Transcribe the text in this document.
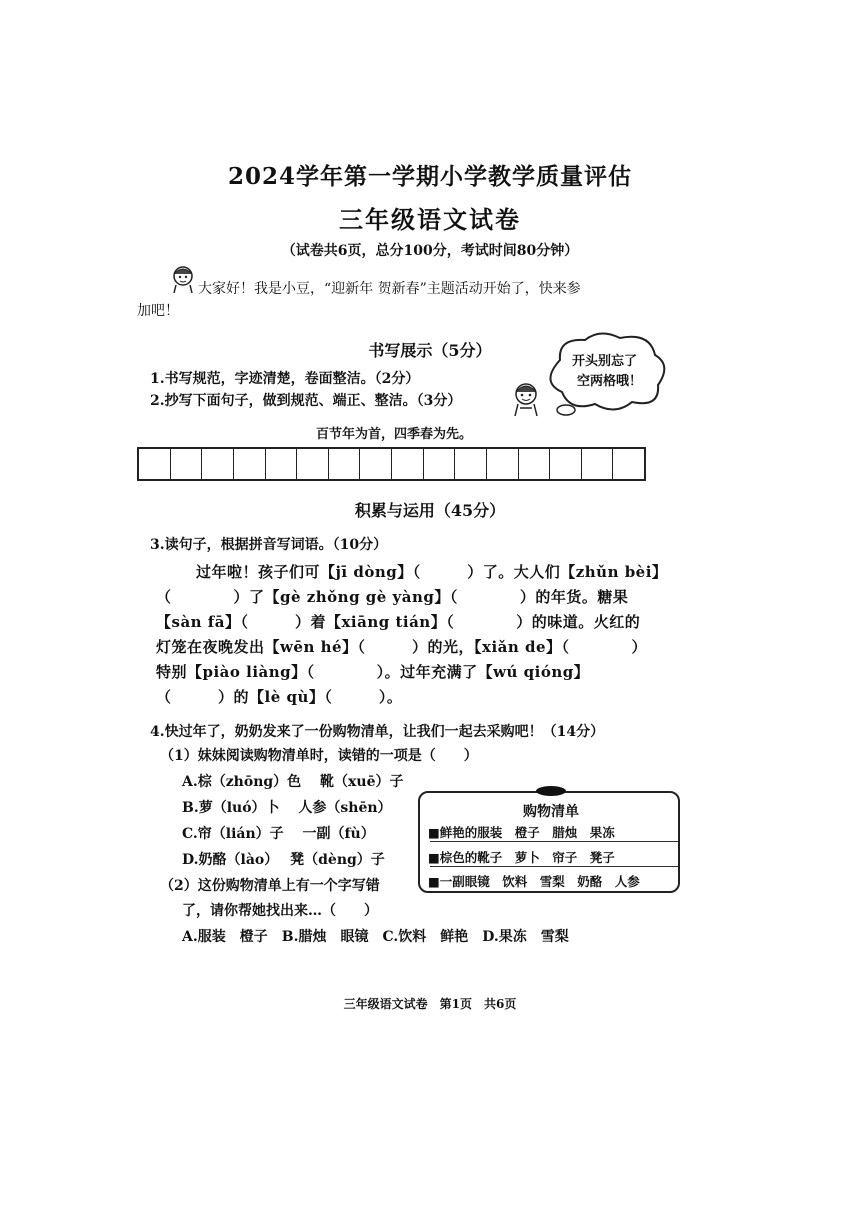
2024学年第一学期小学教学质量评估
三年级语文试卷
（试卷共6页，总分100分，考试时间80分钟）
大家好！我是小豆，“迎新年 贺新春”主题活动开始了，快来参
加吧！
书写展示（5分）
1.书写规范，字迹清楚，卷面整洁。（2分）
2.抄写下面句子，做到规范、端正、整洁。（3分）
开头别忘了
空两格哦！
百节年为首，四季春为先。
积累与运用（45分）
3.读句子，根据拼音写词语。（10分）
过年啦！孩子们可【jī dòng】（　　　）了。大人们【zhǔn bèi】
（　　　　）了【gè zhǒng gè yàng】（　　　　）的年货。糖果
【sàn fā】（　　　）着【xiāng tián】（　　　　）的味道。火红的
灯笼在夜晚发出【wēn hé】（　　　）的光，【xiǎn de】（　　　　）
特别【piào liàng】（　　　　）。过年充满了【wú qióng】
（　　　）的【lè qù】（　　　）。
4.快过年了，奶奶发来了一份购物清单，让我们一起去采购吧！（14分）
（1）妹妹阅读购物清单时，读错的一项是（　　）
A.棕（zhōng）色　 靴（xuē）子
B.萝（luó）卜　 人参（shēn）
C.帘（lián）子　 一副（fù）
D.奶酪（lào）　 凳（dèng）子
（2）这份购物清单上有一个字写错
了，请你帮她找出来…（　　）
A.服装　橙子　B.腊烛　眼镜　C.饮料　鲜艳　D.果冻　雪梨
购物清单
■鲜艳的服装　橙子　腊烛　果冻
■棕色的靴子　萝卜　帘子　凳子
■一副眼镜　饮料　雪梨　奶酪　人参
三年级语文试卷　第1页　共6页
